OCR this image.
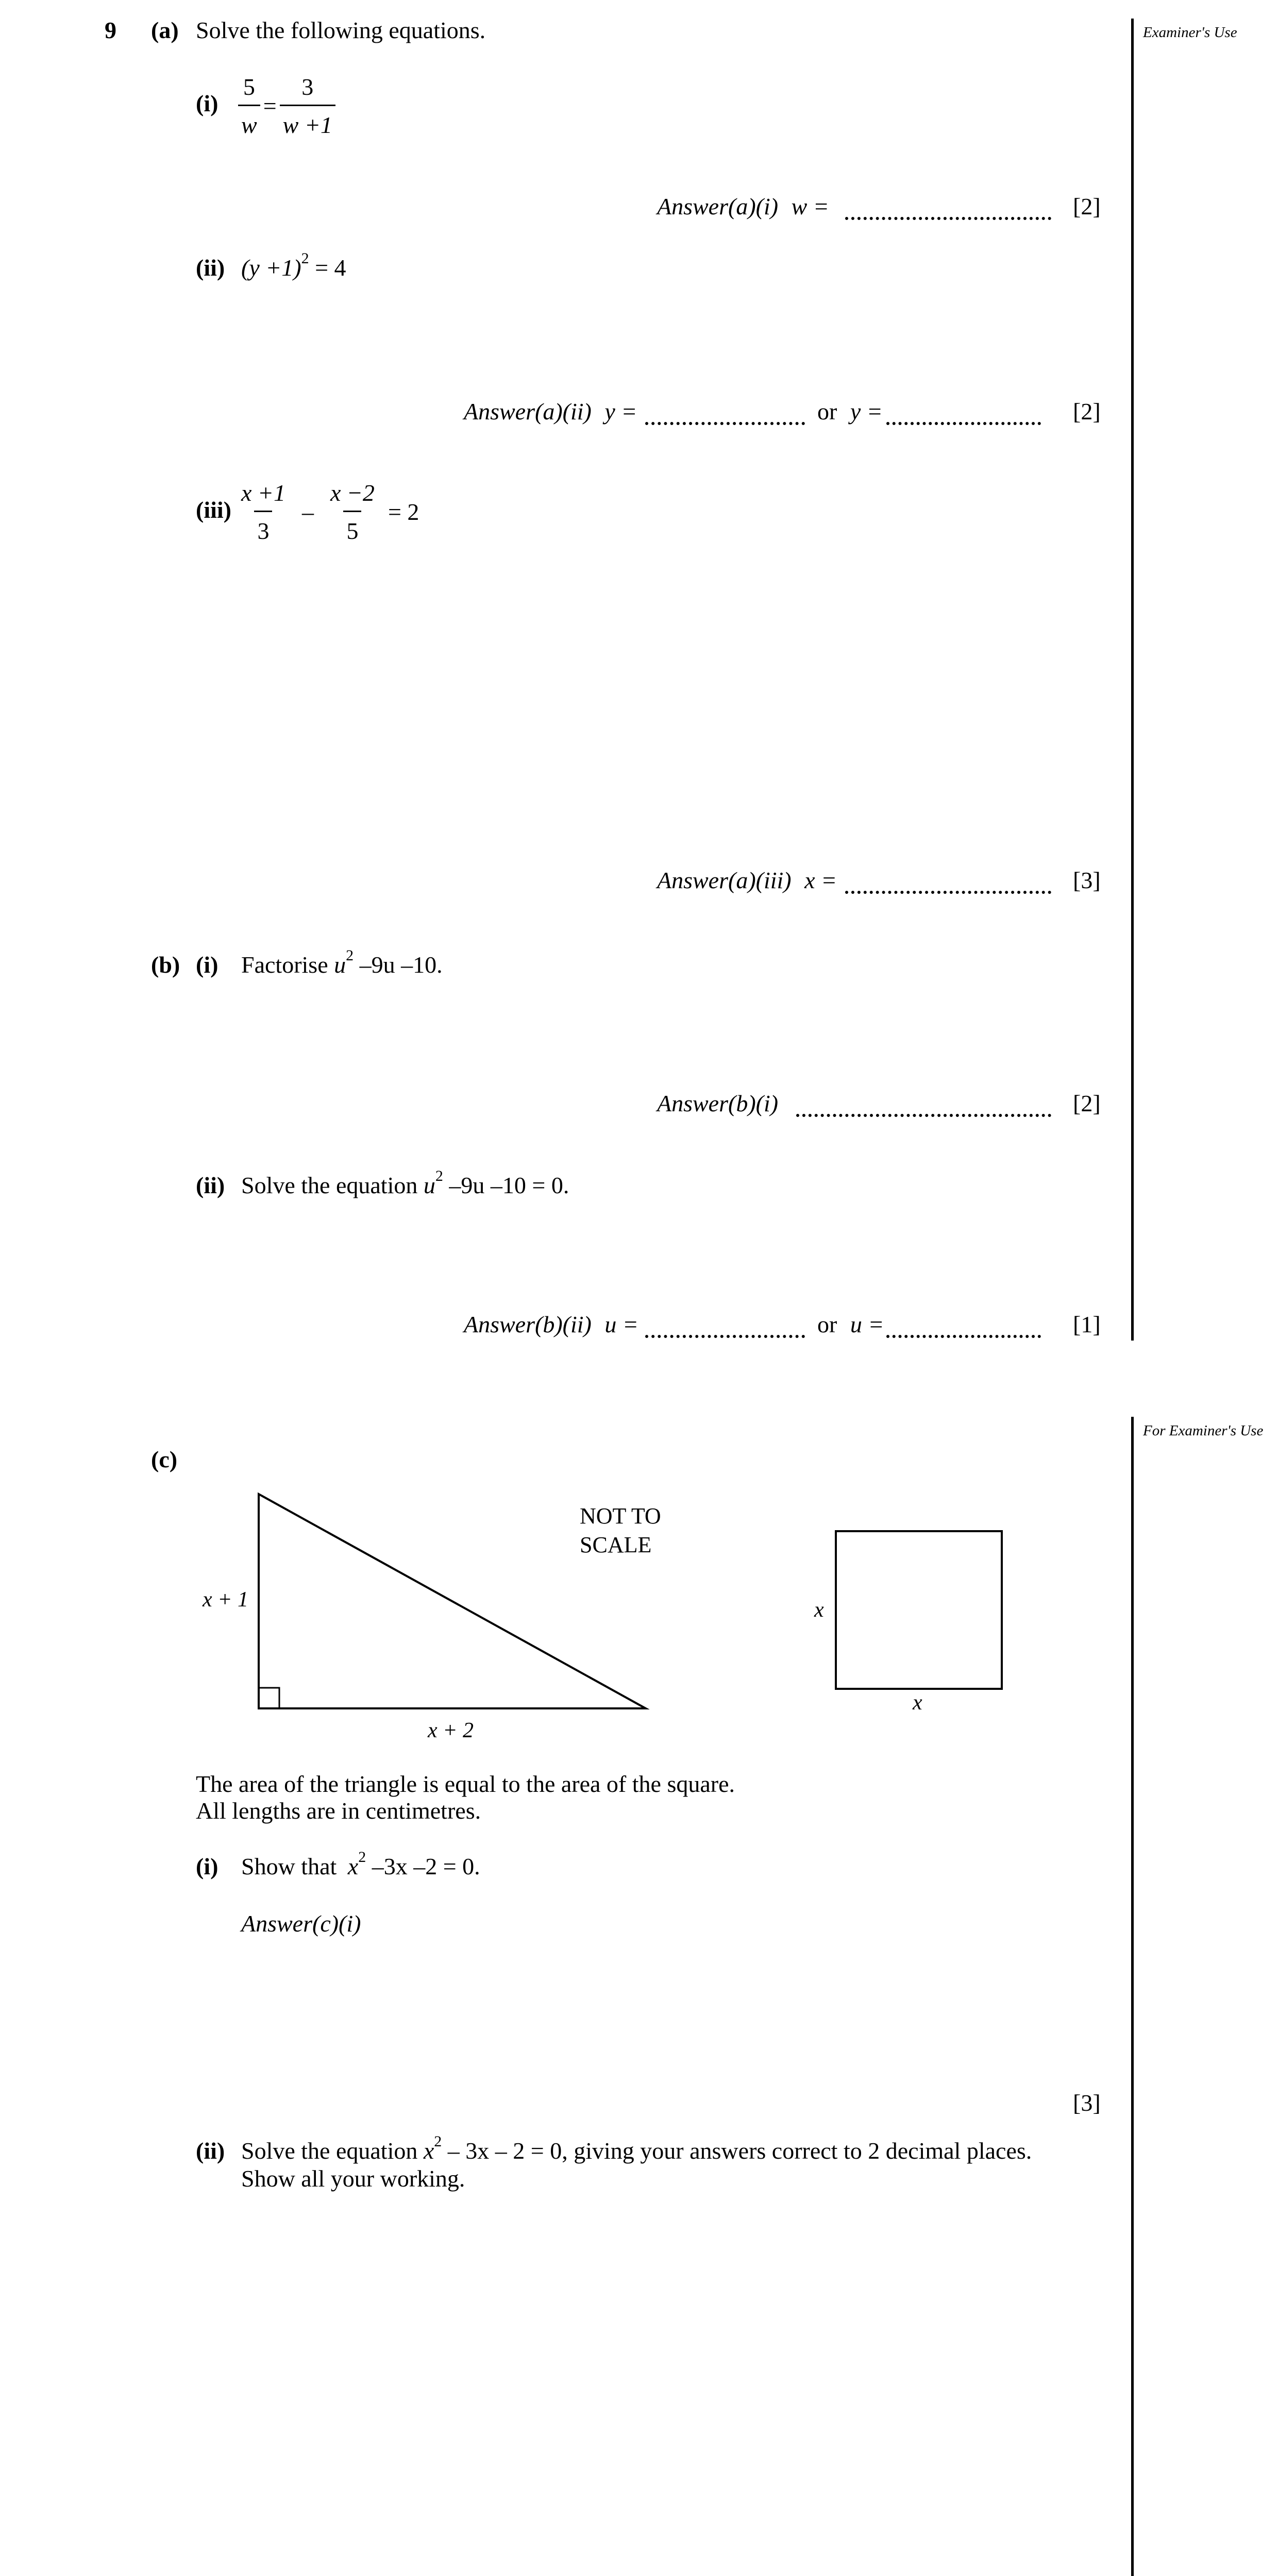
9 (a) Solve the following equations.	Examiner's Use
For Examiner's Use
$(i) \frac{5}{w} = \frac{3}{w +1}$
Answer(a)(i) w =	[2]
(ii) $(y +1)^2 = 4$
Answer(a)(ii) y =	or y =	[2]
$(iii) \frac{x +1}{3} - \frac{x -2}{5} = 2$
Answer(a)(iii) x =	[3]
(b) (i) Factorise $u^2$ –9u –10.
Answer(b)(i)	[2]
(ii) Solve the equation $u^2$ –9u –10 = 0.
Answer(b)(ii) u =	or u =	[1]
(c)
NOT TO
SCALE
x + 1
x + 2
x
x
The area of the triangle is equal to the area of the square.
All lengths are in centimetres.
(i) Show that $x^2$ –3x –2 = 0.
Answer(c)(i)
[3]
(ii) Solve the equation $x^2 - 3x - 2 = 0$, giving your answers correct to 2 decimal places.
Show all your working.
